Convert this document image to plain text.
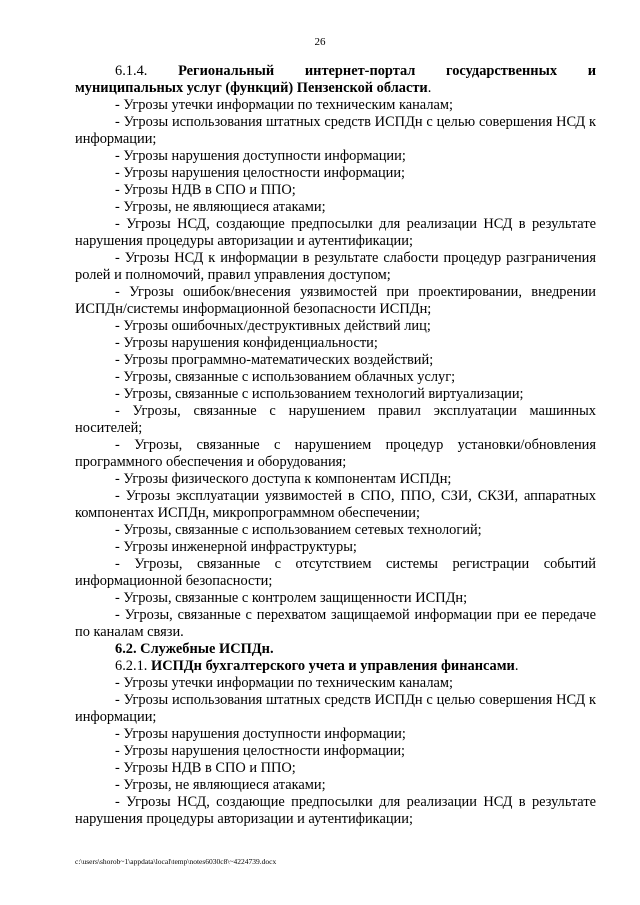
26

6.1.4. Региональный интернет-портал государственных и муниципальных услуг (функций) Пензенской области.

- Угрозы утечки информации по техническим каналам;

- Угрозы использования штатных средств ИСПДн с целью совершения НСД к информации;

- Угрозы нарушения доступности информации;

- Угрозы нарушения целостности информации;

- Угрозы НДВ в СПО и ППО;

- Угрозы, не являющиеся атаками;

- Угрозы НСД, создающие предпосылки для реализации НСД в результате нарушения процедуры авторизации и аутентификации;

- Угрозы НСД к информации в результате слабости процедур разграничения ролей и полномочий, правил управления доступом;

- Угрозы ошибок/внесения уязвимостей при проектировании, внедрении ИСПДн/системы информационной безопасности ИСПДн;

- Угрозы ошибочных/деструктивных действий лиц;

- Угрозы нарушения конфиденциальности;

- Угрозы программно-математических воздействий;

- Угрозы, связанные с использованием облачных услуг;

- Угрозы, связанные с использованием технологий виртуализации;

- Угрозы, связанные с нарушением правил эксплуатации машинных носителей;

- Угрозы, связанные с нарушением процедур установки/обновления программного обеспечения и оборудования;

- Угрозы физического доступа к компонентам ИСПДн;

- Угрозы эксплуатации уязвимостей в СПО, ППО, СЗИ, СКЗИ, аппаратных компонентах ИСПДн, микропрограммном обеспечении;

- Угрозы, связанные с использованием сетевых технологий;

- Угрозы инженерной инфраструктуры;

- Угрозы, связанные с отсутствием системы регистрации событий информационной безопасности;

- Угрозы, связанные с контролем защищенности ИСПДн;

- Угрозы, связанные с перехватом защищаемой информации при ее передаче по каналам связи.

6.2. Служебные ИСПДн.

6.2.1. ИСПДн бухгалтерского учета и управления финансами.

- Угрозы утечки информации по техническим каналам;

- Угрозы использования штатных средств ИСПДн с целью совершения НСД к информации;

- Угрозы нарушения доступности информации;

- Угрозы нарушения целостности информации;

- Угрозы НДВ в СПО и ППО;

- Угрозы, не являющиеся атаками;

- Угрозы НСД, создающие предпосылки для реализации НСД в результате нарушения процедуры авторизации и аутентификации;

c:\users\shorob~1\appdata\local\temp\notes6030c8\~4224739.docx
